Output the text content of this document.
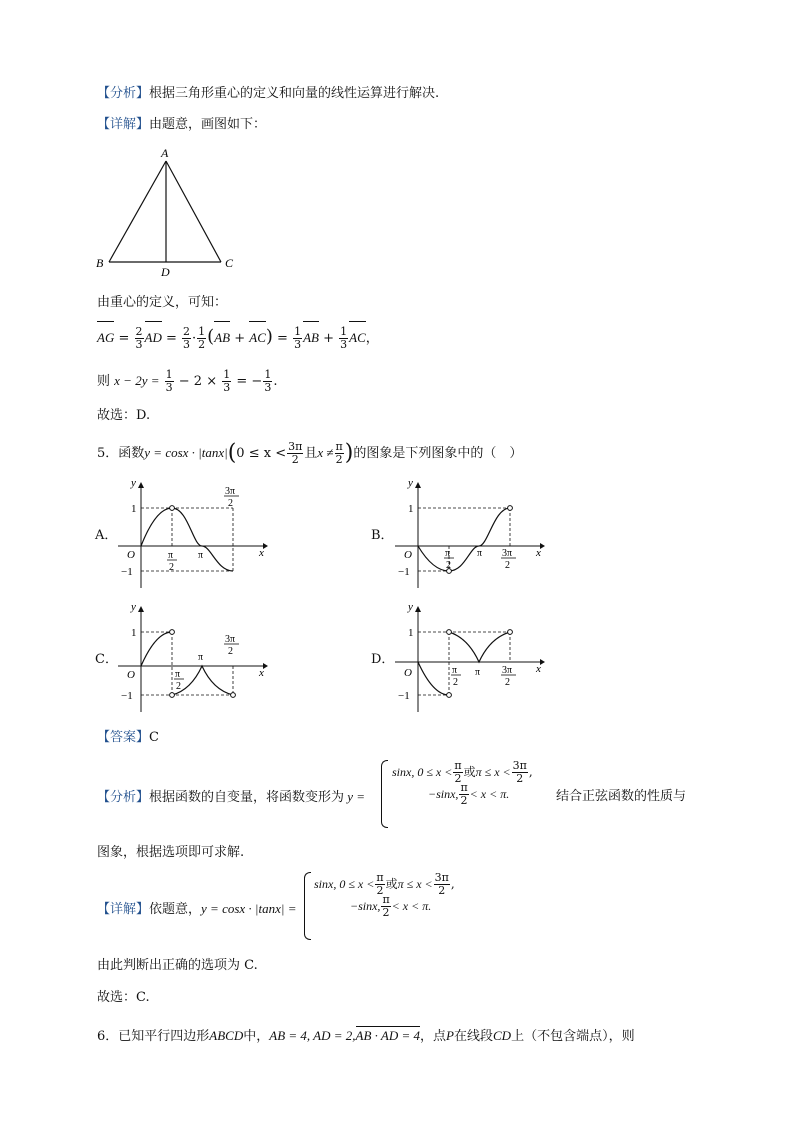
【分析】根据三角形重心的定义和向量的线性运算进行解决.
【详解】由题意，画图如下：
A
B	C
D
由重心的定义，可知：
AG = $\frac{2}{3}$ AD = $\frac{2}{3} \cdot \frac{1}{2} (AB + AC) = \frac{1}{3}$ AB + $\frac{1}{3}$ AC，
则 $x - 2y = \frac{1}{3} - 2 \times \frac{1}{3}$ = − $\frac{1}{3}$ .
故选：D.
5．函数$y = \cos x \cdot |\tan x|(0 \le x < \frac{3\pi}{2}$ 且$x \ne \frac{\pi}{2}$ )的图象是下列图象中的（　）
A．
y
x
O
1
−1
π
2
π
3π
2
B．
y
x
O
1
−1
π
2
π 3π
2
C．
y
x
O
1
−1
π
2
π
3π
2
D．
y
x
O
1
−1
π
2
π 3π
2
【答案】C
【分析】根据函数的自变量，将函数变形为 y =
sinx, $0 \le x < \frac{\pi}{2}$ 或$\pi \le x < \frac{3\pi}{2}$ ,
−sinx, $\frac{\pi}{2} < x < \pi$.	结合正弦函数的性质与
图象，根据选项即可求解.
【详解】依题意，y = cosx · |tanx| =
sinx, $0 \le x < \frac{\pi}{2}$ 或$\pi \le x < \frac{3\pi}{2}$ ,
−sinx, $\frac{\pi}{2} < x < \pi$.
由此判断出正确的选项为 C.
故选：C.
6．已知平行四边形ABCD中，AB = 4, AD = 2,AB · AD = 4，点P在线段CD上（不包含端点），则
